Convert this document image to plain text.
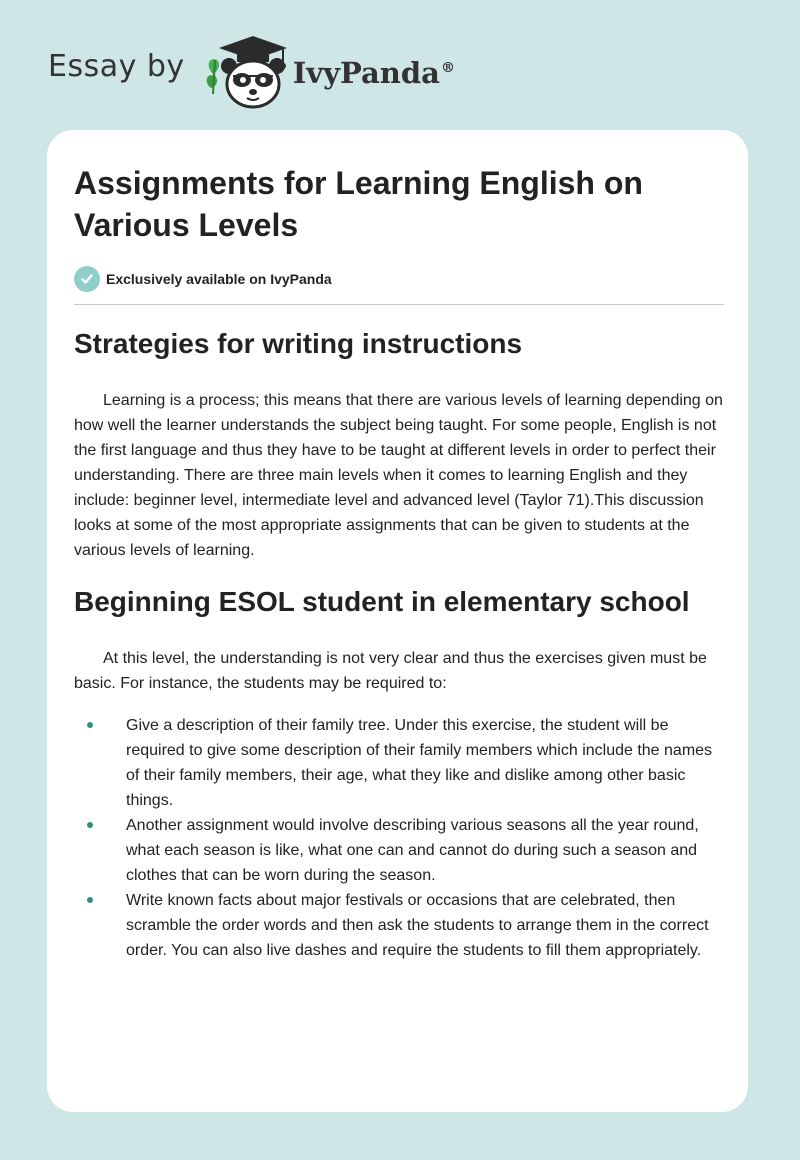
Essay by	IvyPanda®
Assignments for Learning English on Various Levels
Exclusively available on IvyPanda
Strategies for writing instructions

Learning is a process; this means that there are various levels of learning depending on how well the learner understands the subject being taught. For some people, English is not the first language and thus they have to be taught at different levels in order to perfect their understanding. There are three main levels when it comes to learning English and they include: beginner level, intermediate level and advanced level (Taylor 71).This discussion looks at some of the most appropriate assignments that can be given to students at the various levels of learning.

Beginning ESOL student in elementary school

At this level, the understanding is not very clear and thus the exercises given must be basic. For instance, the students may be required to:

Give a description of their family tree. Under this exercise, the student will be required to give some description of their family members which include the names of their family members, their age, what they like and dislike among other basic things.
Another assignment would involve describing various seasons all the year round, what each season is like, what one can and cannot do during such a season and clothes that can be worn during the season.
Write known facts about major festivals or occasions that are celebrated, then scramble the order words and then ask the students to arrange them in the correct order. You can also live dashes and require the students to fill them appropriately.
